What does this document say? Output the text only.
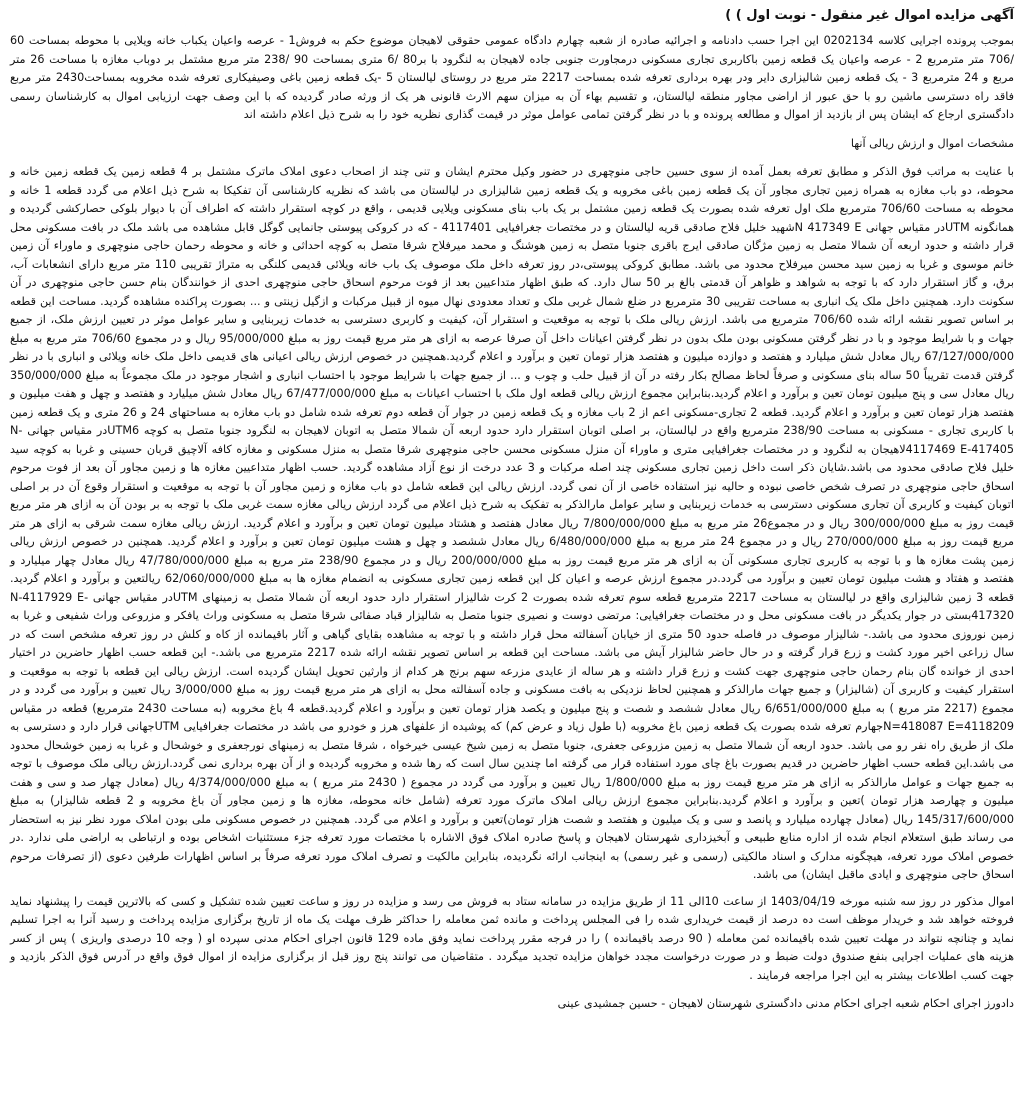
آگهی مزایده اموال غیر منقول - نوبت اول ) )
بموجب پرونده اجرایی کلاسه 0202134 این اجرا حسب دادنامه و اجرائیه صادره از شعبه چهارم دادگاه عمومی حقوقی لاهیجان موضوع حکم به فروش1 - عرصه واعیان یکباب خانه ویلایی با محوطه بمساحت 60 /706 متر مترمربع 2 - عرصه واعیان یک قطعه زمین باکاربری تجاری مسکونی درمجاورت جنوبی جاده لاهیجان به لنگرود با بر80 /6 متری بمساحت 90 /238 متر مربع مشتمل بر دوباب مغازه با مساحت 26 متر مربع و 24 مترمربع 3 - یک قطعه زمین شالیزاری دایر ودر بهره برداری تعرفه شده بمساحت 2217 متر مربع در روستای لیالستان 5 -یک قطعه زمین باغی وصیفیکاری تعرفه شده مخروبه بمساحت2430 متر مربع فاقد راه دسترسی ماشین رو با حق عبور از اراضی مجاور منطقه لیالستان، و تقسیم بهاء آن به میزان سهم الارث قانونی هر یک از ورثه صادر گردیده که با این وصف جهت ارزیابی اموال به کارشناسان رسمی دادگستری ارجاع که ایشان پس از بازدید از اموال و مطالعه پرونده و با در نظر گرفتن تمامی عوامل موثر در قیمت گذاری نظریه خود را به شرح ذیل اعلام داشته اند
مشخصات اموال و ارزش ریالی آنها
با عنایت به مراتب فوق الذکر و مطابق تعرفه بعمل آمده از سوی حسین حاجی منوچهری در حضور وکیل محترم ایشان و تنی چند از اصحاب دعوی املاک ماترک مشتمل بر 4 قطعه زمین یک قطعه زمین خانه و محوطه، دو باب مغازه به همراه زمین تجاری مجاور آن یک قطعه زمین باغی مخروبه و یک قطعه زمین شالیزاری در لیالستان می باشد که نظریه کارشناسی آن تفکیکا به شرح ذیل اعلام می گردد قطعه 1 خانه و محوطه به مساحت 706/60 مترمربع ملک اول تعرفه شده بصورت یک قطعه زمین مشتمل بر یک باب بنای مسکونی ویلایی قدیمی ، واقع در کوچه استقرار داشته که اطراف آن با دیوار بلوکی حصارکشی گردیده و همانگونه UTMدر مقیاس جهانی N 417349 Eشهید خلیل فلاح صادقی قریه لیالستان و در مختصات جغرافیایی 4117401 - که در کروکی پیوستی جانمایی گوگل قابل مشاهده می باشد ملک در بافت مسکونی محل قرار داشته و حدود اربعه آن شمالا متصل به زمین مژگان صادقی ایرج باقری جنوبا متصل به زمین هوشنگ و محمد میرفلاح شرقا متصل به کوچه احداثی و خانه و محوطه رحمان حاجی منوچهری و ماوراء آن زمین خانم موسوی و غربا به زمین سید محسن میرفلاح محدود می باشد. مطابق کروکی پیوستی،در روز تعرفه داخل ملک موصوف یک باب خانه ویلائی قدیمی کلنگی به متراژ تقریبی 110 متر مربع دارای انشعابات آب، برق، و گاز استقرار دارد که با توجه به شواهد و ظواهر آن قدمتی بالغ بر 50 سال دارد. که طبق اظهار متداعیین بعد از فوت مرحوم اسحاق حاجی منوچهری احدی از خوانندگان بنام حسن حاجی منوچهری در آن سکونت دارد. همچنین داخل ملک یک انباری به مساحت تقریبی 30 مترمربع در ضلع شمال غربی ملک و تعداد معدودی نهال میوه از قبیل مرکبات و ازگیل زینتی و ... بصورت پراکنده مشاهده گردید. مساحت این قطعه بر اساس تصویر نقشه ارائه شده 706/60 مترمربع می باشد. ارزش ریالی ملک با توجه به موقعیت و استقرار آن، کیفیت و کاربری دسترسی به خدمات زیربنایی و سایر عوامل موثر در تعیین ارزش ملک، از جمیع جهات و با شرایط موجود و با در نظر گرفتن مسکونی بودن ملک بدون در نظر گرفتن اعیانات داخل آن صرفا عرصه به ازای هر متر مربع قیمت روز به مبلغ 95/000/000 ریال و در مجموع 706/60 متر مربع به مبلغ 67/127/000/000 ریال معادل شش میلیارد و هفتصد و دوازده میلیون و هفتصد هزار تومان تعین و برآورد و اعلام گردید.همچنین در خصوص ارزش ریالی اعیانی های قدیمی داخل ملک خانه ویلائی و انباری با در نظر گرفتن قدمت تقریباً 50 ساله بنای مسکونی و صرفاً لحاظ مصالح بکار رفته در آن از قبیل حلب و چوب و ... از جمیع جهات با شرایط موجود با احتساب انباری و اشجار موجود در ملک مجموعاً به مبلغ 350/000/000 ریال معادل سی و پنج میلیون تومان تعین و برآورد و اعلام گردید.بنابراین مجموع ارزش ریالی قطعه اول ملک با احتساب اعیانات به مبلغ 67/477/000/000 ریال معادل شش میلیارد و هفتصد و چهل و هفت میلیون و هفتصد هزار تومان تعین و برآورد و اعلام گردید. قطعه 2 تجاری-مسکونی اعم از 2 باب مغازه و یک قطعه زمین در جوار آن قطعه دوم تعرفه شده شامل دو باب مغازه به مساحتهای 24 و 26 متری و یک قطعه زمین با کاربری تجاری - مسکونی به مساحت 238/90 مترمربع واقع در لیالستان، بر اصلی اتوبان استقرار دارد حدود اربعه آن شمالا متصل به اتوبان لاهیجان به لنگرود جنوبا متصل به کوچه UTM6در مقیاس جهانی N-4117469 E-417405لاهیجان به لنگرود و در مختصات جغرافیایی متری و ماوراء آن منزل مسکونی محسن حاجی منوچهری شرقا متصل به منزل مسکونی و مغازه کافه آلاچیق قربان حسینی و غربا به کوچه سید خلیل فلاح صادقی محدود می باشد.شایان ذکر است داخل زمین تجاری مسکونی چند اصله مرکبات و 3 عدد درخت از نوع آزاد مشاهده گردید. حسب اظهار متداعیین مغازه ها و زمین مجاور آن بعد از فوت مرحوم اسحاق حاجی منوچهری در تصرف شخص خاصی نبوده و حالیه نیز استفاده خاصی از آن نمی گردد. ارزش ریالی این قطعه شامل دو باب مغازه و زمین مجاور آن با توجه به موقعیت و استقرار وقوع آن در بر اصلی اتوبان کیفیت و کاربری آن تجاری مسکونی دسترسی به خدمات زیربنایی و سایر عوامل مارالذکر به تفکیک به شرح ذیل اعلام می گردد ارزش ریالی مغازه سمت غربی ملک با توجه به بر بودن آن به ازای هر متر مربع قیمت روز به مبلغ 300/000/000 ریال و در مجموع26 متر مربع به مبلغ 7/800/000/000 ریال معادل هفتصد و هشتاد میلیون تومان تعین و برآورد و اعلام گردید. ارزش ریالی مغازه سمت شرقی به ازای هر متر مربع قیمت روز به مبلغ 270/000/000 ریال و در مجموع 24 متر مربع به مبلغ 6/480/000/000 ریال معادل ششصد و چهل و هشت میلیون تومان تعین و برآورد و اعلام گردید. همچنین در خصوص ارزش ریالی زمین پشت مغازه ها و با توجه به کاربری تجاری مسکونی آن به ازای هر متر مربع قیمت روز به مبلغ 200/000/000 ریال و در مجموع 238/90 متر مربع به مبلغ 47/780/000/000 ریال معادل چهار میلیارد و هفتصد و هفتاد و هشت میلیون تومان تعیین و برآورد می گردد.در مجموع ارزش عرصه و اعیان کل این قطعه زمین تجاری مسکونی به انضمام مغازه ها به مبلغ 62/060/000/000 ریالتعین و برآورد و اعلام گردید. قطعه 3 زمین شالیزاری واقع در لیالستان به مساحت 2217 مترمربع قطعه سوم تعرفه شده بصورت 2 کرت شالیزار استقرار دارد حدود اربعه آن شمالا متصل به زمینهای UTMدر مقیاس جهانی N-4117929 E-417320بستی در جوار یکدیگر در بافت مسکونی محل و در مختصات جغرافیایی: مرتضی دوست و نصیری جنوبا متصل به شالیزار قباد صفائی شرقا متصل به مسکونی وراث یافکر و مزروعی وراث شفیعی و غربا به زمین نوروزی محدود می باشد.- شالیزار موصوف در فاصله حدود 50 متری از خیابان آسفالته محل قرار داشته و با توجه به مشاهده بقایای گیاهی و آثار باقیمانده از کاه و کلش در روز تعرفه مشخص است که در سال زراعی اخیر مورد کشت و زرع قرار گرفته و در حال حاضر شالیزار آیش می باشد. مساحت این قطعه بر اساس تصویر نقشه ارائه شده 2217 مترمربع می باشد.- این قطعه حسب اظهار حاضرین در اختیار احدی از خوانده گان بنام رحمان حاجی منوچهری جهت کشت و زرع قرار داشته و هر ساله از عایدی مزرعه سهم برنج هر کدام از وارثین تحویل ایشان گردیده است. ارزش ریالی این قطعه با توجه به موقعیت و استقرار کیفیت و کاربری آن (شالیزار) و جمیع جهات مارالذکر و همچنین لحاظ نزدیکی به بافت مسکونی و جاده آسفالته محل به ازای هر متر مربع قیمت روز به مبلغ 3/000/000 ریال تعیین و برآورد می گردد و در مجموع (2217 متر مربع ) به مبلغ 6/651/000/000 ریال معادل ششصد و شصت و پنج میلیون و یکصد هزار تومان تعین و برآورد و اعلام گردید.قطعه 4 باغ مخروبه (به مساحت 2430 مترمربع) قطعه در مقیاس N=418087 E=4118209جهارم تعرفه شده بصورت یک قطعه زمین باغ مخروبه (با طول زیاد و عرض کم) که پوشیده از علفهای هرز و خودرو می باشد در مختصات جغرافیایی UTMجهانی قرار دارد و دسترسی به ملک از طریق راه نفر رو می باشد. حدود اربعه آن شمالا متصل به زمین مزروعی جعفری، جنوبا متصل به زمین شیخ عیسی خیرخواه ، شرقا متصل به زمینهای نورجعفری و خوشحال و غربا به زمین خوشحال محدود می باشد.این قطعه حسب اظهار حاضرین در قدیم بصورت باغ چای مورد استفاده قرار می گرفته اما چندین سال است که رها شده و مخروبه گردیده و از آن بهره برداری نمی گردد.ارزش ریالی ملک موصوف با توجه به جمیع جهات و عوامل مارالذکر به ازای هر متر مربع قیمت روز به مبلغ 1/800/000 ریال تعیین و برآورد می گردد در مجموع ( 2430 متر مربع ) به مبلغ 4/374/000/000 ریال (معادل چهار صد و سی و هفت میلیون و چهارصد هزار تومان )تعین و برآورد و اعلام گردید.بنابراین مجموع ارزش ریالی املاک ماترک مورد تعرفه (شامل خانه محوطه، مغازه ها و زمین مجاور آن باغ مخروبه و 2 قطعه شالیزار) به مبلغ 145/317/600/000 ریال (معادل چهارده میلیارد و پانصد و سی و یک میلیون و هفتصد و شصت هزار تومان)تعین و برآورد و اعلام می گردد. همچنین در خصوص مسکونی ملی بودن املاک مورد نظر نیز به استحضار می رساند طبق استعلام انجام شده از اداره منابع طبیعی و آبخیزداری شهرستان لاهیجان و پاسخ صادره املاک فوق الاشاره با مختصات مورد تعرفه جزء مستثنیات اشخاص بوده و ارتباطی به اراضی ملی ندارد .در خصوص املاک مورد تعرفه، هیچگونه مدارک و اسناد مالکیتی (رسمی و غیر رسمی) به اینجانب ارائه نگردیده، بنابراین مالکیت و تصرف املاک مورد تعرفه صرفاً بر اساس اظهارات طرفین دعوی (از تصرفات مرحوم اسحاق حاجی منوچهری و ایادی ماقبل ایشان) می باشد.
اموال مذکور در روز سه شنبه مورخه 1403/04/19 از ساعت 10الی 11 از طریق مزایده در سامانه ستاد به فروش می رسد و مزایده در روز و ساعت تعیین شده تشکیل و کسی که بالاترین قیمت را پیشنهاد نماید فروخته خواهد شد و خریدار موظف است ده درصد از قیمت خریداری شده را فی المجلس پرداخت و مانده ثمن معامله را حداکثر ظرف مهلت یک ماه از تاریخ برگزاری مزایده پرداخت و رسید آنرا به اجرا تسلیم نماید و چنانچه نتواند در مهلت تعیین شده باقیمانده ثمن معامله ( 90 درصد باقیمانده ) را در فرجه مقرر پرداخت نماید وفق ماده 129 قانون اجرای احکام مدنی سپرده او ( وجه 10 درصدی واریزی ) پس از کسر هزینه های عملیات اجرایی بنفع صندوق دولت ضبط و در صورت درخواست مجدد خواهان مزایده تجدید میگردد . متقاضیان می توانند پنج روز قبل از برگزاری مزایده از اموال فوق واقع در آدرس فوق الذکر بازدید و جهت کسب اطلاعات بیشتر به این اجرا مراجعه فرمایند .
دادورز اجرای احکام شعبه اجرای احکام مدنی دادگستری شهرستان لاهیجان - حسین جمشیدی عینی
